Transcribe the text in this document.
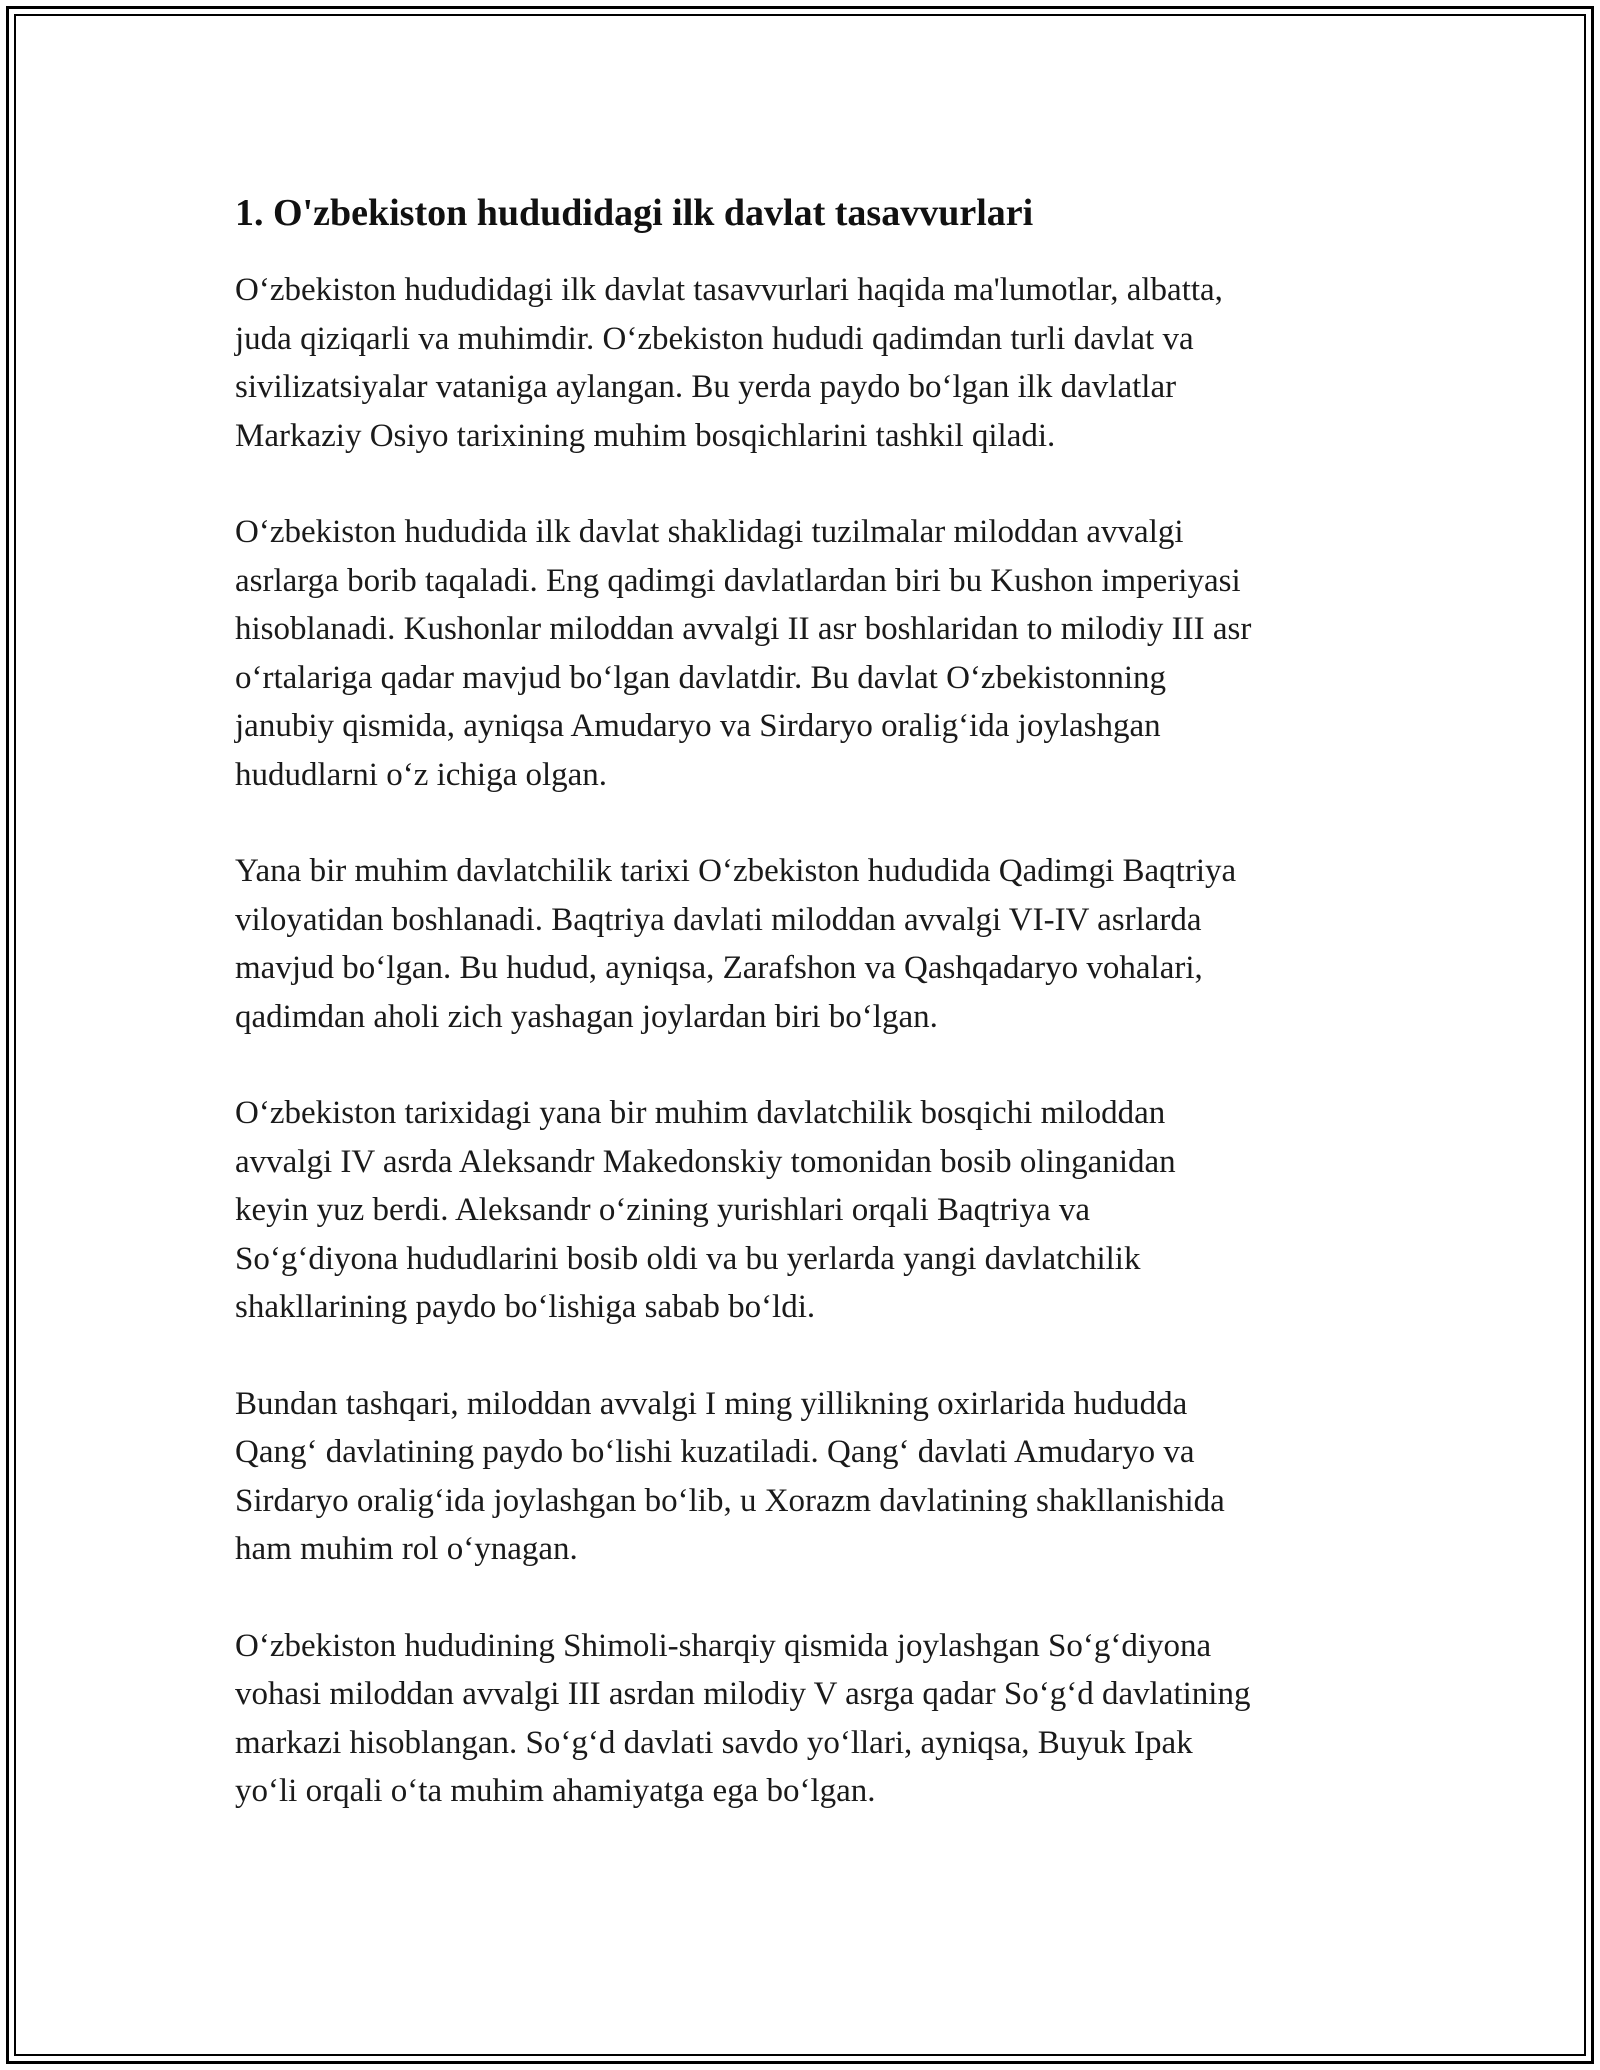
1. O'zbekiston hududidagi ilk davlat tasavvurlari

O‘zbekiston hududidagi ilk davlat tasavvurlari haqida ma'lumotlar, albatta,
juda qiziqarli va muhimdir. O‘zbekiston hududi qadimdan turli davlat va
sivilizatsiyalar vataniga aylangan. Bu yerda paydo bo‘lgan ilk davlatlar
Markaziy Osiyo tarixining muhim bosqichlarini tashkil qiladi.

O‘zbekiston hududida ilk davlat shaklidagi tuzilmalar miloddan avvalgi
asrlarga borib taqaladi. Eng qadimgi davlatlardan biri bu Kushon imperiyasi
hisoblanadi. Kushonlar miloddan avvalgi II asr boshlaridan to milodiy III asr
o‘rtalariga qadar mavjud bo‘lgan davlatdir. Bu davlat O‘zbekistonning
janubiy qismida, ayniqsa Amudaryo va Sirdaryo oralig‘ida joylashgan
hududlarni o‘z ichiga olgan.

Yana bir muhim davlatchilik tarixi O‘zbekiston hududida Qadimgi Baqtriya
viloyatidan boshlanadi. Baqtriya davlati miloddan avvalgi VI-IV asrlarda
mavjud bo‘lgan. Bu hudud, ayniqsa, Zarafshon va Qashqadaryo vohalari,
qadimdan aholi zich yashagan joylardan biri bo‘lgan.

O‘zbekiston tarixidagi yana bir muhim davlatchilik bosqichi miloddan
avvalgi IV asrda Aleksandr Makedonskiy tomonidan bosib olinganidan
keyin yuz berdi. Aleksandr o‘zining yurishlari orqali Baqtriya va
So‘g‘diyona hududlarini bosib oldi va bu yerlarda yangi davlatchilik
shakllarining paydo bo‘lishiga sabab bo‘ldi.

Bundan tashqari, miloddan avvalgi I ming yillikning oxirlarida hududda
Qang‘ davlatining paydo bo‘lishi kuzatiladi. Qang‘ davlati Amudaryo va
Sirdaryo oralig‘ida joylashgan bo‘lib, u Xorazm davlatining shakllanishida
ham muhim rol o‘ynagan.

O‘zbekiston hududining Shimoli-sharqiy qismida joylashgan So‘g‘diyona
vohasi miloddan avvalgi III asrdan milodiy V asrga qadar So‘g‘d davlatining
markazi hisoblangan. So‘g‘d davlati savdo yo‘llari, ayniqsa, Buyuk Ipak
yo‘li orqali o‘ta muhim ahamiyatga ega bo‘lgan.
